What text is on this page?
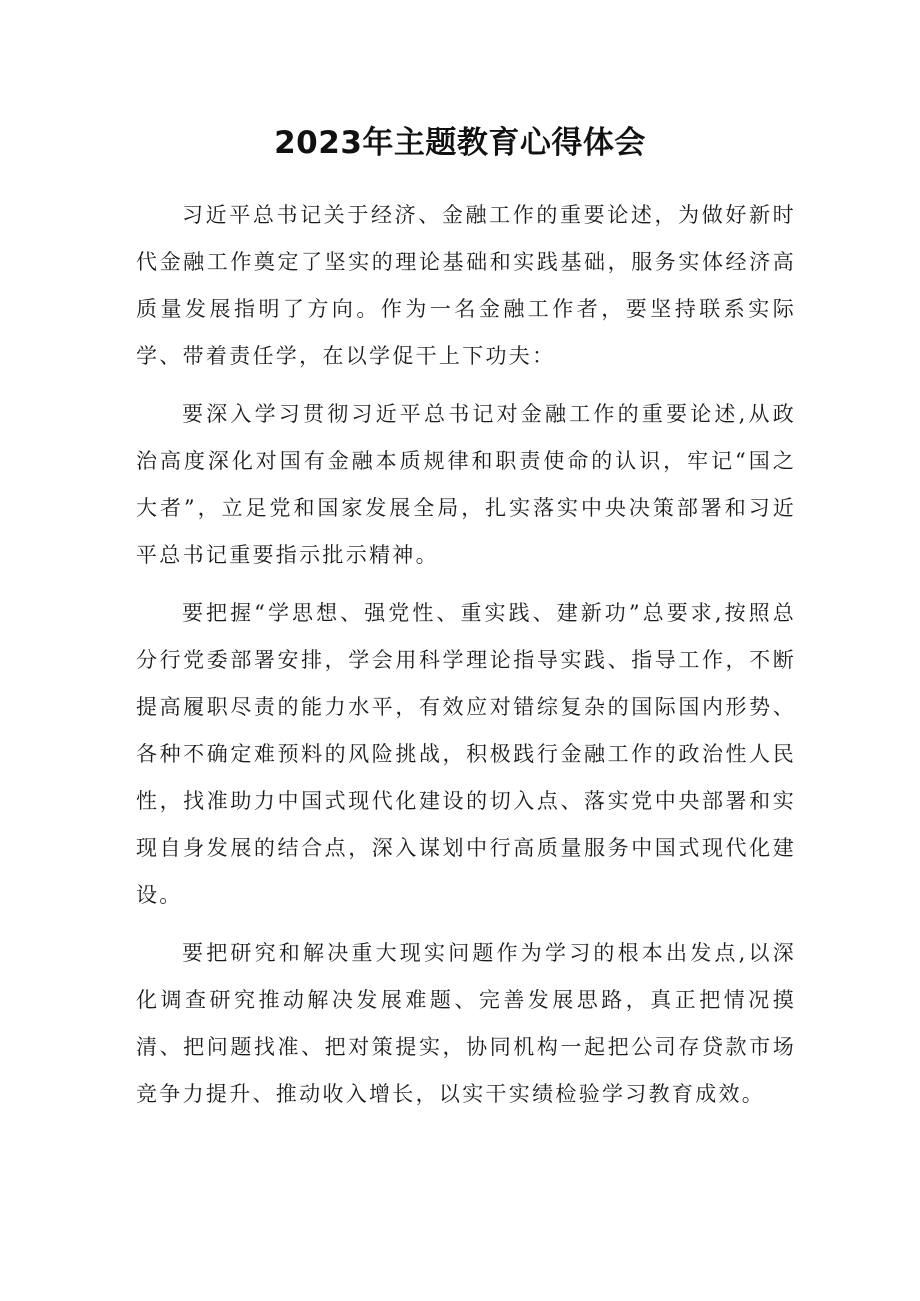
2023年主题教育心得体会

习近平总书记关于经济、金融工作的重要论述，为做好新时代金融工作奠定了坚实的理论基础和实践基础，服务实体经济高质量发展指明了方向。作为一名金融工作者，要坚持联系实际学、带着责任学，在以学促干上下功夫：

要深入学习贯彻习近平总书记对金融工作的重要论述,从政治高度深化对国有金融本质规律和职责使命的认识，牢记“国之大者”，立足党和国家发展全局，扎实落实中央决策部署和习近平总书记重要指示批示精神。

要把握“学思想、强党性、重实践、建新功”总要求,按照总分行党委部署安排，学会用科学理论指导实践、指导工作，不断提高履职尽责的能力水平，有效应对错综复杂的国际国内形势、各种不确定难预料的风险挑战，积极践行金融工作的政治性人民性，找准助力中国式现代化建设的切入点、落实党中央部署和实现自身发展的结合点，深入谋划中行高质量服务中国式现代化建设。

要把研究和解决重大现实问题作为学习的根本出发点,以深化调查研究推动解决发展难题、完善发展思路，真正把情况摸清、把问题找准、把对策提实，协同机构一起把公司存贷款市场竞争力提升、推动收入增长，以实干实绩检验学习教育成效。
